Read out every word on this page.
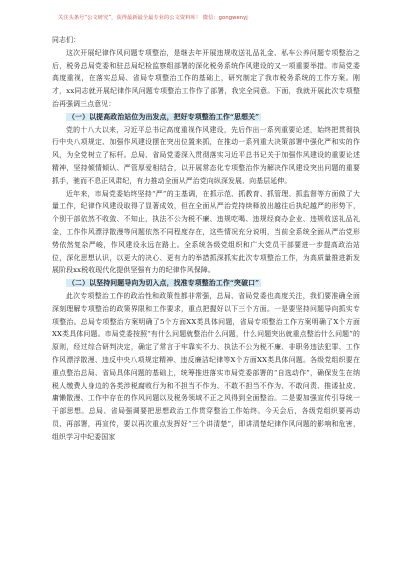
关注头条号“公文研究”，获得最新最全最专业的公文资料库！ 微信：gongwenyj

同志们：

这次开展纪律作风问题专项整治，是继去年开展违规收送礼品礼金、私车公养问题专项整治之后，税务总局党委和驻总局纪检监察组部署的深化税务系统作风建设的又一项重要举措。市局党委高度重视，在落实总局、省局专项整治工作的基础上，研究制定了我市税务系统的工作方案。刚才，xx同志就开展纪律作风问题专项整治工作作了部署，我完全同意。下面，我就开展此次专项整治再强调三点意见：

（一）以提高政治站位为出发点，把好专项整治工作“思想关”

党的十八大以来，习近平总书记高度重视作风建设，先后作出一系列重要论述，始终把贯彻执行中央八项规定、加强作风建设摆在突出位置来抓，在推动一系列重大决策部署中强化严和实的作风，为全党树立了标杆。总局、省局党委深入贯彻落实习近平总书记关于加强作风建设的重要论述精神，坚持倾情倾认、严管厚爱相结合，以开展常态化专项整治作为解决作风建设突出问题的重要抓手，驰而不息正风肃纪，有力推动全面从严治党向纵深发展、向基层延伸。

近年来，市局党委始终坚持“严”的主基调，在抓示范、抓教育、抓管理、抓监督等方面做了大量工作，纪律作风建设取得了显著成效，但在全面从严治党持续释放出越往后执纪越严的形势下，个别干部依然不收敛、不知止，执法不公为税不廉、违规吃喝、违规经商办企业、违规收送礼品礼金，工作作风漂浮散漫等问题依然不同程度存在，这些情况充分说明，当前全系统全面从严治党形势依然复杂严峻，作风建设永远在路上。全系统各级党组织和广大党员干部要进一步提高政治站位，深化思想认识，以更大的决心、更有力的举措抓深抓实此次专项整治工作，为高质量推进新发展阶段xx税收现代化提供坚强有力的纪律作风保障。

（二）以坚持问题导向为切入点，找准专项整治工作“突破口”

此次专项整治工作的政治性和政策性都非常强，总局、省局党委也高度关注，我们要准确全面深刻理解专项整治的政策界限和工作要求，重点把握好以下三个方面。一是要坚持问题导向抓实专项整治。总局专项整治方案明确了5个方面XX类具体问题，省局专项整治工作方案明确了X个方面XX类具体问题。市局党委按照“有什么问题就整治什么问题，什么问题突出就重点整治什么问题”的原则，经过综合研判决定，确定了常言于牢靠实不力、执法不公为税不廉、非职务违法犯罪、工作作风漂浮散漫、违反中央八项规定精神、违反廉洁纪律等X个方面XX类具体问题。各级党组织要在重点整治总局、省局具体问题的基础上，统筹推进落实市局党委部署的“自选动作”，确保发生在纳税人缴费人身边的各类涉税腐败行为和不担当不作为、不敢不担当不作为、不敢问责、推诿扯皮、庸懒散漫、工作中存在的作风问题以及税务领域不正之风得到全面整治。二是要加强宣传引导统一干部思想。总局、省局强调要把思想政治工作贯穿整治工作始终。今天会后，各级党组织要再动员、再部署，再宣传，要以再次重点发挥好“三个讲清楚”，即讲清楚纪律作风问题的影响和危害，组织学习中纪委国家
